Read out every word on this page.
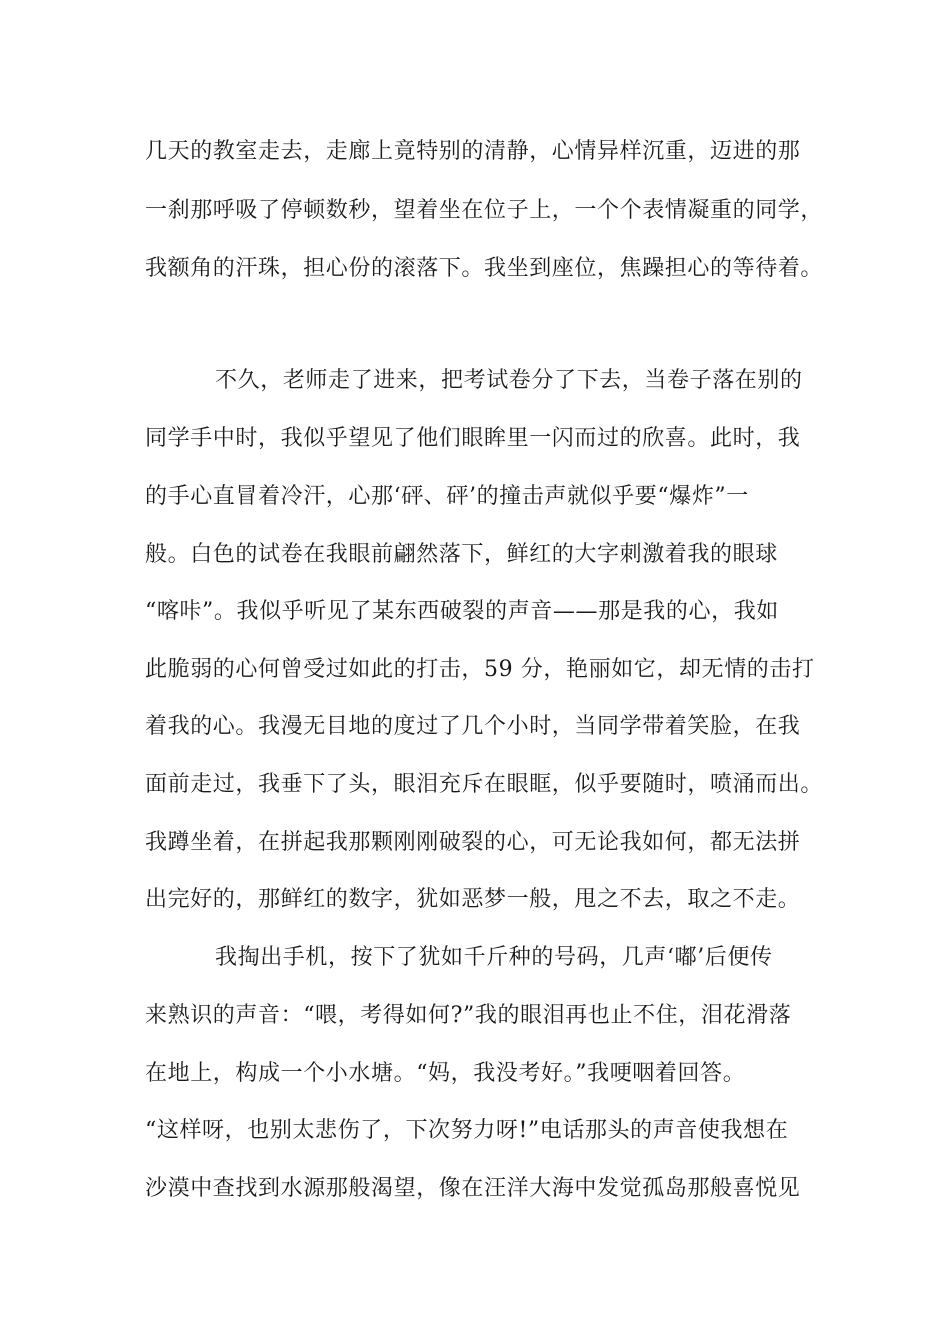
几天的教室走去，走廊上竟特别的清静，心情异样沉重，迈进的那
一刹那呼吸了停顿数秒，望着坐在位子上，一个个表情凝重的同学，
我额角的汗珠，担心份的滚落下。我坐到座位，焦躁担心的等待着。
不久，老师走了进来，把考试卷分了下去，当卷子落在别的
同学手中时，我似乎望见了他们眼眸里一闪而过的欣喜。此时，我
的手心直冒着冷汗，心那‘砰、砰’的撞击声就似乎要“爆炸”一
般。白色的试卷在我眼前翩然落下，鲜红的大字刺激着我的眼球
“喀咔”。我似乎听见了某东西破裂的声音——那是我的心，我如
此脆弱的心何曾受过如此的打击，59 分，艳丽如它，却无情的击打
着我的心。我漫无目地的度过了几个小时，当同学带着笑脸，在我
面前走过，我垂下了头，眼泪充斥在眼眶，似乎要随时，喷涌而出。
我蹲坐着，在拼起我那颗刚刚破裂的心，可无论我如何，都无法拼
出完好的，那鲜红的数字，犹如恶梦一般，甩之不去，取之不走。
我掏出手机，按下了犹如千斤种的号码，几声‘嘟’后便传
来熟识的声音：“喂，考得如何?”我的眼泪再也止不住，泪花滑落
在地上，构成一个小水塘。“妈，我没考好。”我哽咽着回答。
“这样呀，也别太悲伤了，下次努力呀!”电话那头的声音使我想在
沙漠中查找到水源那般渴望，像在汪洋大海中发觉孤岛那般喜悦见
